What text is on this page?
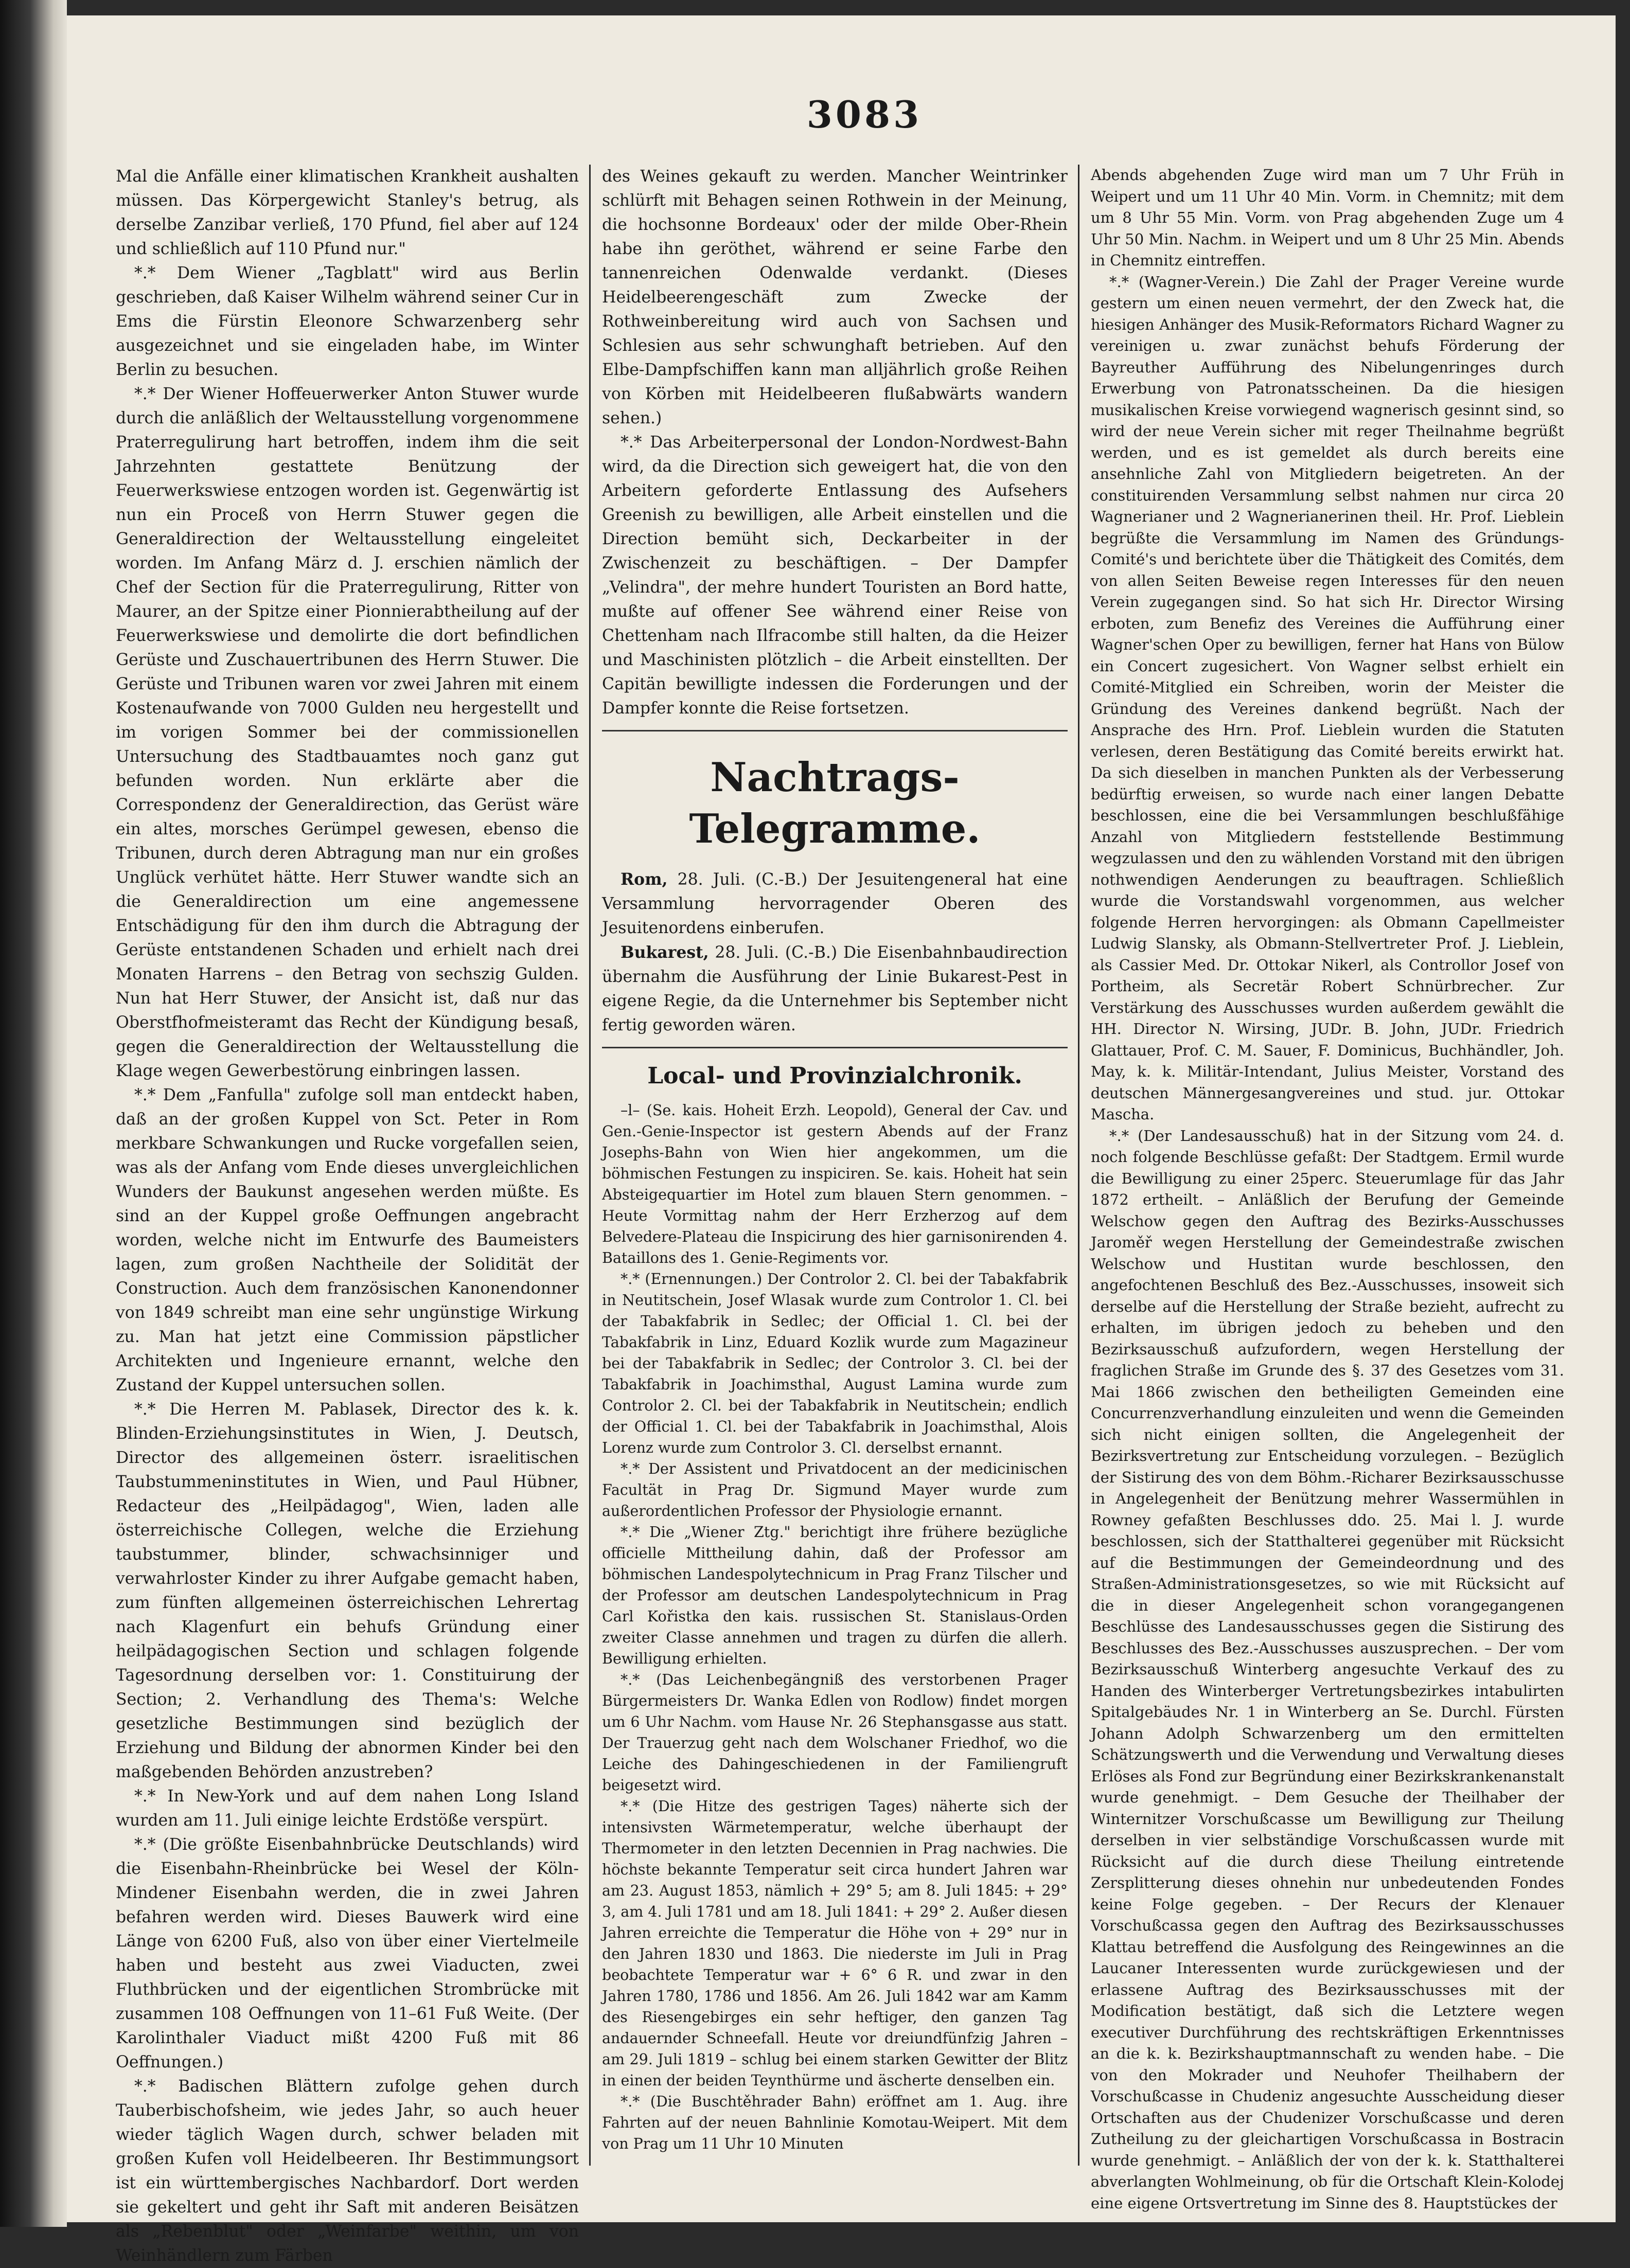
3083

Mal die Anfälle einer klimatischen Krankheit aushalten müssen. Das Körpergewicht Stanley's betrug, als derselbe Zanzibar verließ, 170 Pfund, fiel aber auf 124 und schließlich auf 110 Pfund nur."

*.* Dem Wiener „Tagblatt" wird aus Berlin geschrieben, daß Kaiser Wilhelm während seiner Cur in Ems die Fürstin Eleonore Schwarzenberg sehr ausgezeichnet und sie eingeladen habe, im Winter Berlin zu besuchen.

*.* Der Wiener Hoffeuerwerker Anton Stuwer wurde durch die anläßlich der Weltausstellung vorgenommene Praterregulirung hart betroffen, indem ihm die seit Jahrzehnten gestattete Benützung der Feuerwerkswiese entzogen worden ist. Gegenwärtig ist nun ein Proceß von Herrn Stuwer gegen die Generaldirection der Weltausstellung eingeleitet worden. Im Anfang März d. J. erschien nämlich der Chef der Section für die Praterregulirung, Ritter von Maurer, an der Spitze einer Pionnierabtheilung auf der Feuerwerkswiese und demolirte die dort befindlichen Gerüste und Zuschauertribunen des Herrn Stuwer. Die Gerüste und Tribunen waren vor zwei Jahren mit einem Kostenaufwande von 7000 Gulden neu hergestellt und im vorigen Sommer bei der commissionellen Untersuchung des Stadtbauamtes noch ganz gut befunden worden. Nun erklärte aber die Correspondenz der Generaldirection, das Gerüst wäre ein altes, morsches Gerümpel gewesen, ebenso die Tribunen, durch deren Abtragung man nur ein großes Unglück verhütet hätte. Herr Stuwer wandte sich an die Generaldirection um eine angemessene Entschädigung für den ihm durch die Abtragung der Gerüste entstandenen Schaden und erhielt nach drei Monaten Harrens – den Betrag von sechszig Gulden. Nun hat Herr Stuwer, der Ansicht ist, daß nur das Oberstfhofmeisteramt das Recht der Kündigung besaß, gegen die Generaldirection der Weltausstellung die Klage wegen Gewerbestörung einbringen lassen.

*.* Dem „Fanfulla" zufolge soll man entdeckt haben, daß an der großen Kuppel von Sct. Peter in Rom merkbare Schwankungen und Rucke vorgefallen seien, was als der Anfang vom Ende dieses unvergleichlichen Wunders der Baukunst angesehen werden müßte. Es sind an der Kuppel große Oeffnungen angebracht worden, welche nicht im Entwurfe des Baumeisters lagen, zum großen Nachtheile der Solidität der Construction. Auch dem französischen Kanonendonner von 1849 schreibt man eine sehr ungünstige Wirkung zu. Man hat jetzt eine Commission päpstlicher Architekten und Ingenieure ernannt, welche den Zustand der Kuppel untersuchen sollen.

*.* Die Herren M. Pablasek, Director des k. k. Blinden-Erziehungsinstitutes in Wien, J. Deutsch, Director des allgemeinen österr. israelitischen Taubstummeninstitutes in Wien, und Paul Hübner, Redacteur des „Heilpädagog", Wien, laden alle österreichische Collegen, welche die Erziehung taubstummer, blinder, schwachsinniger und verwahrloster Kinder zu ihrer Aufgabe gemacht haben, zum fünften allgemeinen österreichischen Lehrertag nach Klagenfurt ein behufs Gründung einer heilpädagogischen Section und schlagen folgende Tagesordnung derselben vor: 1. Constituirung der Section; 2. Verhandlung des Thema's: Welche gesetzliche Bestimmungen sind bezüglich der Erziehung und Bildung der abnormen Kinder bei den maßgebenden Behörden anzustreben?

*.* In New-York und auf dem nahen Long Island wurden am 11. Juli einige leichte Erdstöße verspürt.

*.* (Die größte Eisenbahnbrücke Deutschlands) wird die Eisenbahn-Rheinbrücke bei Wesel der Köln-Mindener Eisenbahn werden, die in zwei Jahren befahren werden wird. Dieses Bauwerk wird eine Länge von 6200 Fuß, also von über einer Viertelmeile haben und besteht aus zwei Viaducten, zwei Fluthbrücken und der eigentlichen Strombrücke mit zusammen 108 Oeffnungen von 11–61 Fuß Weite. (Der Karolinthaler Viaduct mißt 4200 Fuß mit 86 Oeffnungen.)

*.* Badischen Blättern zufolge gehen durch Tauberbischofsheim, wie jedes Jahr, so auch heuer wieder täglich Wagen durch, schwer beladen mit großen Kufen voll Heidelbeeren. Ihr Bestimmungsort ist ein württembergisches Nachbardorf. Dort werden sie gekeltert und geht ihr Saft mit anderen Beisätzen als „Rebenblut" oder „Weinfarbe" weithin, um von Weinhändlern zum Färben

des Weines gekauft zu werden. Mancher Weintrinker schlürft mit Behagen seinen Rothwein in der Meinung, die hochsonne Bordeaux' oder der milde Ober-Rhein habe ihn geröthet, während er seine Farbe den tannenreichen Odenwalde verdankt. (Dieses Heidelbeerengeschäft zum Zwecke der Rothweinbereitung wird auch von Sachsen und Schlesien aus sehr schwunghaft betrieben. Auf den Elbe-Dampfschiffen kann man alljährlich große Reihen von Körben mit Heidelbeeren flußabwärts wandern sehen.)

*.* Das Arbeiterpersonal der London-Nordwest-Bahn wird, da die Direction sich geweigert hat, die von den Arbeitern geforderte Entlassung des Aufsehers Greenish zu bewilligen, alle Arbeit einstellen und die Direction bemüht sich, Deckarbeiter in der Zwischenzeit zu beschäftigen. – Der Dampfer „Velindra", der mehre hundert Touristen an Bord hatte, mußte auf offener See während einer Reise von Chettenham nach Ilfracombe still halten, da die Heizer und Maschinisten plötzlich – die Arbeit einstellten. Der Capitän bewilligte indessen die Forderungen und der Dampfer konnte die Reise fortsetzen.

Nachtrags-Telegramme.

Rom, 28. Juli. (C.-B.) Der Jesuitengeneral hat eine Versammlung hervorragender Oberen des Jesuitenordens einberufen.

Bukarest, 28. Juli. (C.-B.) Die Eisenbahnbaudirection übernahm die Ausführung der Linie Bukarest-Pest in eigene Regie, da die Unternehmer bis September nicht fertig geworden wären.

Local- und Provinzialchronik.

–l– (Se. kais. Hoheit Erzh. Leopold), General der Cav. und Gen.-Genie-Inspector ist gestern Abends auf der Franz Josephs-Bahn von Wien hier angekommen, um die böhmischen Festungen zu inspiciren. Se. kais. Hoheit hat sein Absteigequartier im Hotel zum blauen Stern genommen. – Heute Vormittag nahm der Herr Erzherzog auf dem Belvedere-Plateau die Inspicirung des hier garnisonirenden 4. Bataillons des 1. Genie-Regiments vor.

*.* (Ernennungen.) Der Controlor 2. Cl. bei der Tabakfabrik in Neutitschein, Josef Wlasak wurde zum Controlor 1. Cl. bei der Tabakfabrik in Sedlec; der Official 1. Cl. bei der Tabakfabrik in Linz, Eduard Kozlik wurde zum Magazineur bei der Tabakfabrik in Sedlec; der Controlor 3. Cl. bei der Tabakfabrik in Joachimsthal, August Lamina wurde zum Controlor 2. Cl. bei der Tabakfabrik in Neutitschein; endlich der Official 1. Cl. bei der Tabakfabrik in Joachimsthal, Alois Lorenz wurde zum Controlor 3. Cl. derselbst ernannt.

*.* Der Assistent und Privatdocent an der medicinischen Facultät in Prag Dr. Sigmund Mayer wurde zum außerordentlichen Professor der Physiologie ernannt.

*.* Die „Wiener Ztg." berichtigt ihre frühere bezügliche officielle Mittheilung dahin, daß der Professor am böhmischen Landespolytechnicum in Prag Franz Tilscher und der Professor am deutschen Landespolytechnicum in Prag Carl Kořistka den kais. russischen St. Stanislaus-Orden zweiter Classe annehmen und tragen zu dürfen die allerh. Bewilligung erhielten.

*.* (Das Leichenbegängniß des verstorbenen Prager Bürgermeisters Dr. Wanka Edlen von Rodlow) findet morgen um 6 Uhr Nachm. vom Hause Nr. 26 Stephansgasse aus statt. Der Trauerzug geht nach dem Wolschaner Friedhof, wo die Leiche des Dahingeschiedenen in der Familiengruft beigesetzt wird.

*.* (Die Hitze des gestrigen Tages) näherte sich der intensivsten Wärmetemperatur, welche überhaupt der Thermometer in den letzten Decennien in Prag nachwies. Die höchste bekannte Temperatur seit circa hundert Jahren war am 23. August 1853, nämlich + 29° 5; am 8. Juli 1845: + 29° 3, am 4. Juli 1781 und am 18. Juli 1841: + 29° 2. Außer diesen Jahren erreichte die Temperatur die Höhe von + 29° nur in den Jahren 1830 und 1863. Die niederste im Juli in Prag beobachtete Temperatur war + 6° 6 R. und zwar in den Jahren 1780, 1786 und 1856. Am 26. Juli 1842 war am Kamm des Riesengebirges ein sehr heftiger, den ganzen Tag andauernder Schneefall. Heute vor dreiundfünfzig Jahren – am 29. Juli 1819 – schlug bei einem starken Gewitter der Blitz in einen der beiden Teynthürme und äscherte denselben ein.

*.* (Die Buschtěhrader Bahn) eröffnet am 1. Aug. ihre Fahrten auf der neuen Bahnlinie Komotau-Weipert. Mit dem von Prag um 11 Uhr 10 Minuten

Abends abgehenden Zuge wird man um 7 Uhr Früh in Weipert und um 11 Uhr 40 Min. Vorm. in Chemnitz; mit dem um 8 Uhr 55 Min. Vorm. von Prag abgehenden Zuge um 4 Uhr 50 Min. Nachm. in Weipert und um 8 Uhr 25 Min. Abends in Chemnitz eintreffen.

*.* (Wagner-Verein.) Die Zahl der Prager Vereine wurde gestern um einen neuen vermehrt, der den Zweck hat, die hiesigen Anhänger des Musik-Reformators Richard Wagner zu vereinigen u. zwar zunächst behufs Förderung der Bayreuther Aufführung des Nibelungenringes durch Erwerbung von Patronatsscheinen. Da die hiesigen musikalischen Kreise vorwiegend wagnerisch gesinnt sind, so wird der neue Verein sicher mit reger Theilnahme begrüßt werden, und es ist gemeldet als durch bereits eine ansehnliche Zahl von Mitgliedern beigetreten. An der constituirenden Versammlung selbst nahmen nur circa 20 Wagnerianer und 2 Wagnerianerinen theil. Hr. Prof. Lieblein begrüßte die Versammlung im Namen des Gründungs-Comité's und berichtete über die Thätigkeit des Comités, dem von allen Seiten Beweise regen Interesses für den neuen Verein zugegangen sind. So hat sich Hr. Director Wirsing erboten, zum Benefiz des Vereines die Aufführung einer Wagner'schen Oper zu bewilligen, ferner hat Hans von Bülow ein Concert zugesichert. Von Wagner selbst erhielt ein Comité-Mitglied ein Schreiben, worin der Meister die Gründung des Vereines dankend begrüßt. Nach der Ansprache des Hrn. Prof. Lieblein wurden die Statuten verlesen, deren Bestätigung das Comité bereits erwirkt hat. Da sich dieselben in manchen Punkten als der Verbesserung bedürftig erweisen, so wurde nach einer langen Debatte beschlossen, eine die bei Versammlungen beschlußfähige Anzahl von Mitgliedern feststellende Bestimmung wegzulassen und den zu wählenden Vorstand mit den übrigen nothwendigen Aenderungen zu beauftragen. Schließlich wurde die Vorstandswahl vorgenommen, aus welcher folgende Herren hervorgingen: als Obmann Capellmeister Ludwig Slansky, als Obmann-Stellvertreter Prof. J. Lieblein, als Cassier Med. Dr. Ottokar Nikerl, als Controllor Josef von Portheim, als Secretär Robert Schnürbrecher. Zur Verstärkung des Ausschusses wurden außerdem gewählt die HH. Director N. Wirsing, JUDr. B. John, JUDr. Friedrich Glattauer, Prof. C. M. Sauer, F. Dominicus, Buchhändler, Joh. May, k. k. Militär-Intendant, Julius Meister, Vorstand des deutschen Männergesangvereines und stud. jur. Ottokar Mascha.

*.* (Der Landesausschuß) hat in der Sitzung vom 24. d. noch folgende Beschlüsse gefaßt: Der Stadtgem. Ermil wurde die Bewilligung zu einer 25perc. Steuerumlage für das Jahr 1872 ertheilt. – Anläßlich der Berufung der Gemeinde Welschow gegen den Auftrag des Bezirks-Ausschusses Jaroměř wegen Herstellung der Gemeindestraße zwischen Welschow und Hustitan wurde beschlossen, den angefochtenen Beschluß des Bez.-Ausschusses, insoweit sich derselbe auf die Herstellung der Straße bezieht, aufrecht zu erhalten, im übrigen jedoch zu beheben und den Bezirksausschuß aufzufordern, wegen Herstellung der fraglichen Straße im Grunde des §. 37 des Gesetzes vom 31. Mai 1866 zwischen den betheiligten Gemeinden eine Concurrenzverhandlung einzuleiten und wenn die Gemeinden sich nicht einigen sollten, die Angelegenheit der Bezirksvertretung zur Entscheidung vorzulegen. – Bezüglich der Sistirung des von dem Böhm.-Richarer Bezirksausschusse in Angelegenheit der Benützung mehrer Wassermühlen in Rowney gefaßten Beschlusses ddo. 25. Mai l. J. wurde beschlossen, sich der Statthalterei gegenüber mit Rücksicht auf die Bestimmungen der Gemeindeordnung und des Straßen-Administrationsgesetzes, so wie mit Rücksicht auf die in dieser Angelegenheit schon vorangegangenen Beschlüsse des Landesausschusses gegen die Sistirung des Beschlusses des Bez.-Ausschusses auszusprechen. – Der vom Bezirksausschuß Winterberg angesuchte Verkauf des zu Handen des Winterberger Vertretungsbezirkes intabulirten Spitalgebäudes Nr. 1 in Winterberg an Se. Durchl. Fürsten Johann Adolph Schwarzenberg um den ermittelten Schätzungswerth und die Verwendung und Verwaltung dieses Erlöses als Fond zur Begründung einer Bezirkskrankenanstalt wurde genehmigt. – Dem Gesuche der Theilhaber der Winternitzer Vorschußcasse um Bewilligung zur Theilung derselben in vier selbständige Vorschußcassen wurde mit Rücksicht auf die durch diese Theilung eintretende Zersplitterung dieses ohnehin nur unbedeutenden Fondes keine Folge gegeben. – Der Recurs der Klenauer Vorschußcassa gegen den Auftrag des Bezirksausschusses Klattau betreffend die Ausfolgung des Reingewinnes an die Laucaner Interessenten wurde zurückgewiesen und der erlassene Auftrag des Bezirksausschusses mit der Modification bestätigt, daß sich die Letztere wegen executiver Durchführung des rechtskräftigen Erkenntnisses an die k. k. Bezirkshauptmannschaft zu wenden habe. – Die von den Mokrader und Neuhofer Theilhabern der Vorschußcasse in Chudeniz angesuchte Ausscheidung dieser Ortschaften aus der Chudenizer Vorschußcasse und deren Zutheilung zu der gleichartigen Vorschußcassa in Bostracin wurde genehmigt. – Anläßlich der von der k. k. Statthalterei abverlangten Wohlmeinung, ob für die Ortschaft Klein-Kolodej eine eigene Ortsvertretung im Sinne des 8. Hauptstückes der
